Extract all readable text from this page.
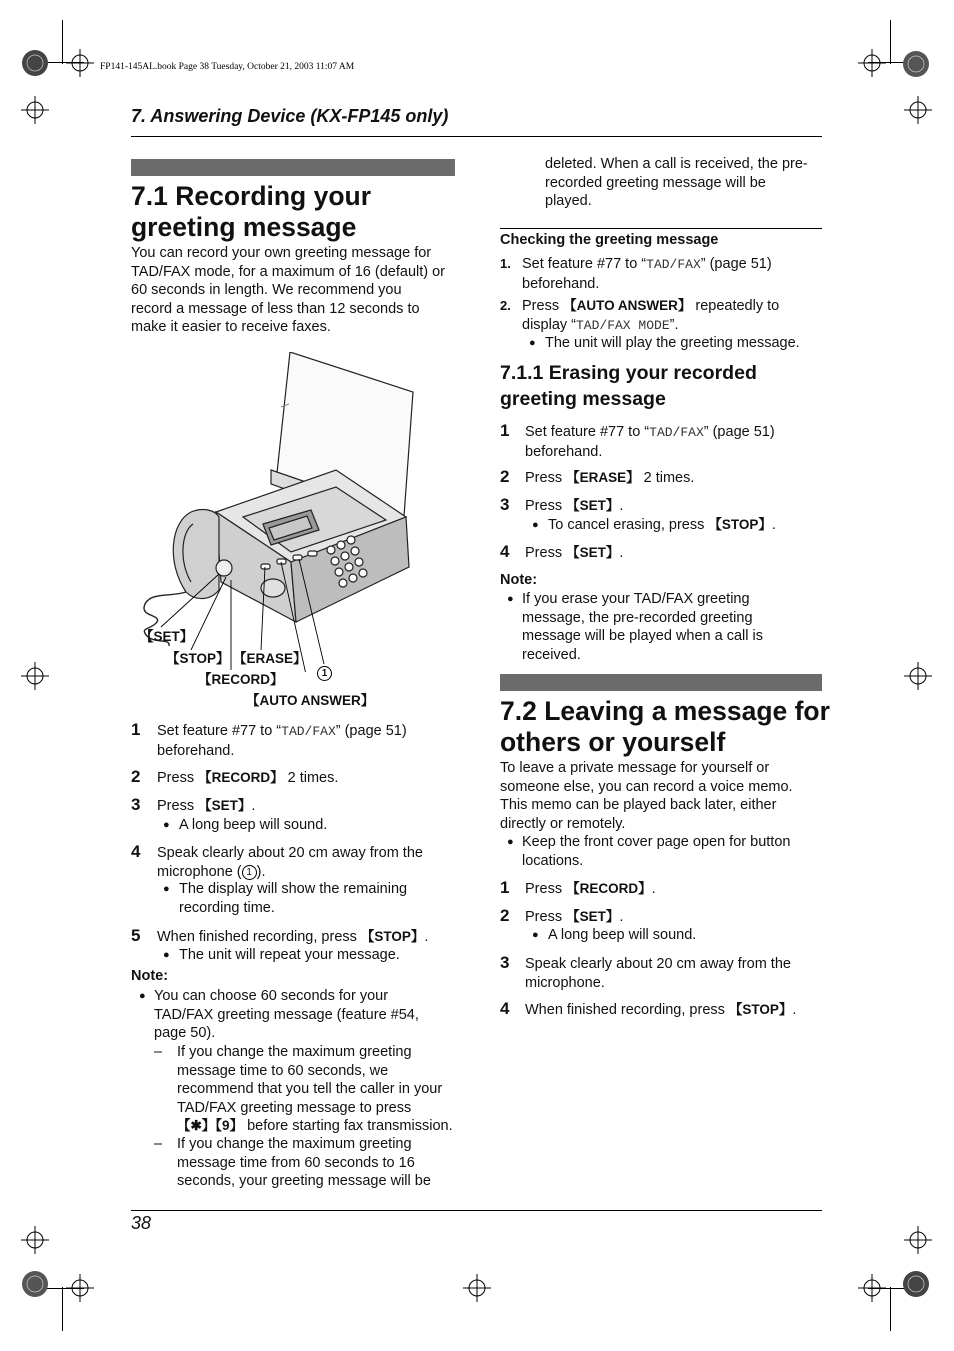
FP141-145AL.book Page 38 Tuesday, October 21, 2003 11:07 AM
7. Answering Device (KX-FP145 only)
7.1 Recording your
greeting message
You can record your own greeting message for
TAD/FAX mode, for a maximum of 16 (default) or
60 seconds in length. We recommend you
record a message of less than 12 seconds to
make it easier to receive faxes.
【SET】
【STOP】 【ERASE】
1
【RECORD】
【AUTO ANSWER】
1 Set feature #77 to “TAD/FAX” (page 51)
beforehand.
2 Press 【RECORD】 2 times.
3 Press 【SET】.
● A long beep will sound.
4 Speak clearly about 20 cm away from the
microphone ( 1 ).
● The display will show the remaining
recording time.
5 When finished recording, press 【STOP】.
● The unit will repeat your message.
Note:
● You can choose 60 seconds for your
TAD/FAX greeting message (feature #54,
page 50).
– If you change the maximum greeting
message time to 60 seconds, we
recommend that you tell the caller in your
TAD/FAX greeting message to press
【✱】【9】 before starting fax transmission.
– If you change the maximum greeting
message time from 60 seconds to 16
seconds, your greeting message will be
deleted. When a call is received, the pre-
recorded greeting message will be
played.
Checking the greeting message
1. Set feature #77 to “TAD/FAX” (page 51)
beforehand.
2. Press 【AUTO ANSWER】 repeatedly to
display “TAD/FAX MODE”.
● The unit will play the greeting message.
7.1.1 Erasing your recorded
greeting message
1 Set feature #77 to “TAD/FAX” (page 51)
beforehand.
2 Press 【ERASE】 2 times.
3 Press 【SET】.
● To cancel erasing, press 【STOP】.
4 Press 【SET】.
Note:
● If you erase your TAD/FAX greeting
message, the pre-recorded greeting
message will be played when a call is
received.
7.2 Leaving a message for
others or yourself
To leave a private message for yourself or
someone else, you can record a voice memo.
This memo can be played back later, either
directly or remotely.
● Keep the front cover page open for button
locations.
1 Press 【RECORD】.
2 Press 【SET】.
● A long beep will sound.
3 Speak clearly about 20 cm away from the
microphone.
4 When finished recording, press 【STOP】.
38
